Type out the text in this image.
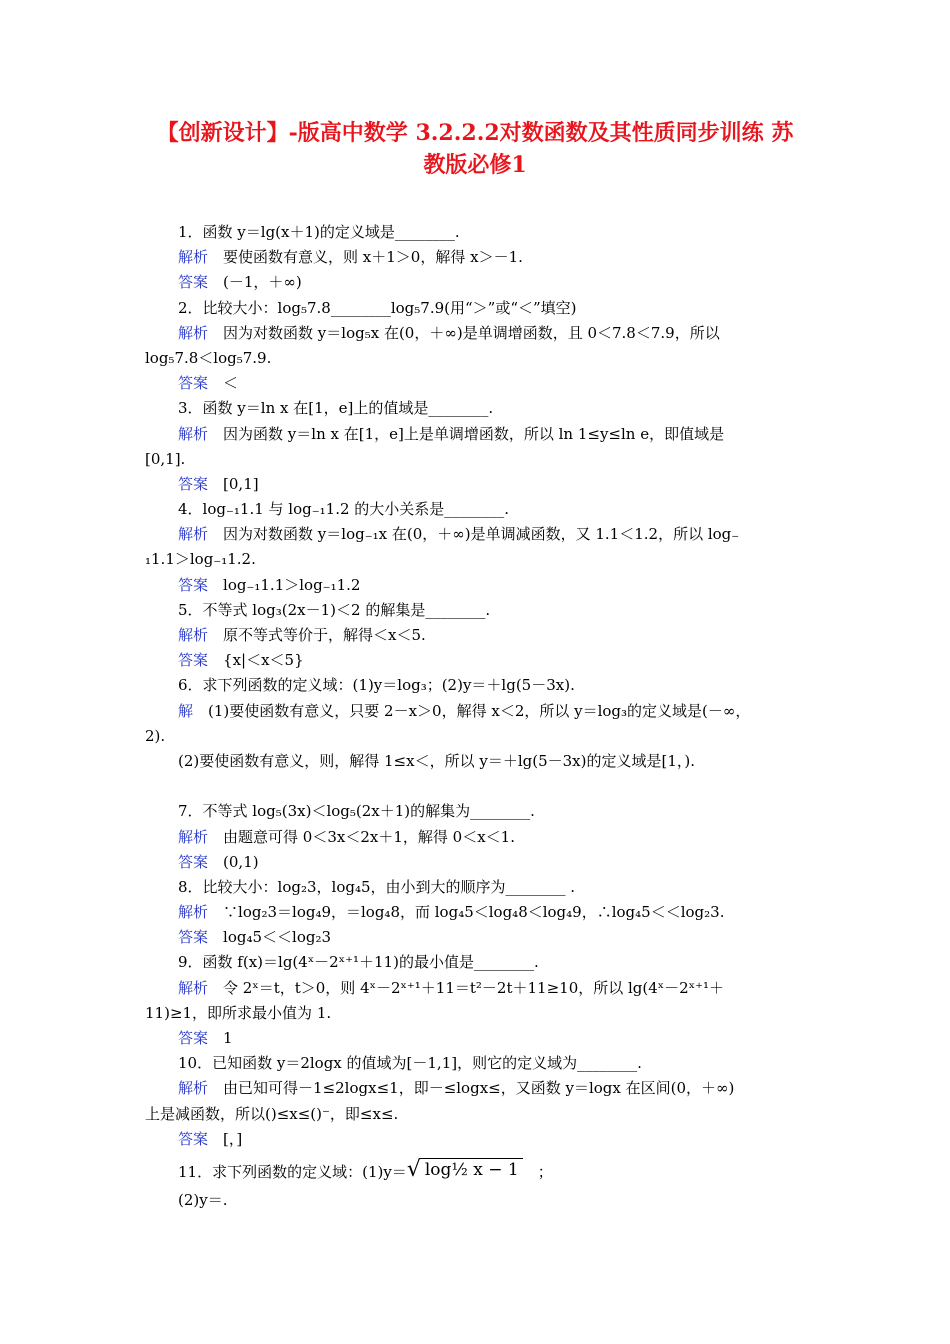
【创新设计】-版高中数学 3.2.2.2对数函数及其性质同步训练 苏
教版必修1
1．函数 y＝lg(x＋1)的定义域是________.
解析　 要使函数有意义，则 x＋1＞0，解得 x＞－1.
答案　 (－1，＋∞)
2．比较大小：log₅7.8________log₅7.9(用“＞”或“＜”填空)
解析　 因为对数函数 y＝log₅x 在(0，＋∞)是单调增函数，且 0＜7.8＜7.9，所以
log₅7.8＜log₅7.9.
答案　 ＜
3．函数 y＝ln x 在[1，e]上的值域是________.
解析　 因为函数 y＝ln x 在[1，e]上是单调增函数，所以 ln 1≤y≤ln e，即值域是
[0,1].
答案　 [0,1]
4．log₋₁1.1 与 log₋₁1.2 的大小关系是________.
解析　 因为对数函数 y＝log₋₁x 在(0，＋∞)是单调减函数，又 1.1＜1.2，所以 log₋
₁1.1＞log₋₁1.2.
答案　 log₋₁1.1＞log₋₁1.2
5．不等式 log₃(2x－1)＜2 的解集是________.
解析　 原不等式等价于，解得＜x＜5.
答案　 {x|＜x＜5}
6．求下列函数的定义域：(1)y＝log₃；(2)y＝＋lg(5－3x).
解　 (1)要使函数有意义，只要 2－x＞0，解得 x＜2，所以 y＝log₃的定义域是(－∞，
2).
(2)要使函数有意义，则，解得 1≤x＜，所以 y＝＋lg(5－3x)的定义域是[1，).
7．不等式 log₅(3x)＜log₅(2x＋1)的解集为________.
解析　 由题意可得 0＜3x＜2x＋1，解得 0＜x＜1.
答案　 (0,1)
8．比较大小：log₂3，log₄5，由小到大的顺序为________ .
解析　 ∵log₂3＝log₄9，＝log₄8，而 log₄5＜log₄8＜log₄9，∴log₄5＜＜log₂3.
答案　 log₄5＜＜log₂3
9．函数 f(x)＝lg(4ˣ－2ˣ⁺¹＋11)的最小值是________.
解析　 令 2ˣ＝t，t＞0，则 4ˣ－2ˣ⁺¹＋11＝t²－2t＋11≥10，所以 lg(4ˣ－2ˣ⁺¹＋
11)≥1，即所求最小值为 1.
答案　 1
10．已知函数 y＝2logx 的值域为[－1,1]，则它的定义域为________.
解析　 由已知可得－1≤2logx≤1，即－≤logx≤，又函数 y＝logx 在区间(0，＋∞)
上是减函数，所以()≤x≤()⁻，即≤x≤.
答案　 [，]
11．求下列函数的定义域：(1)y＝√ log½ x − 1　 ；
(2)y＝.
